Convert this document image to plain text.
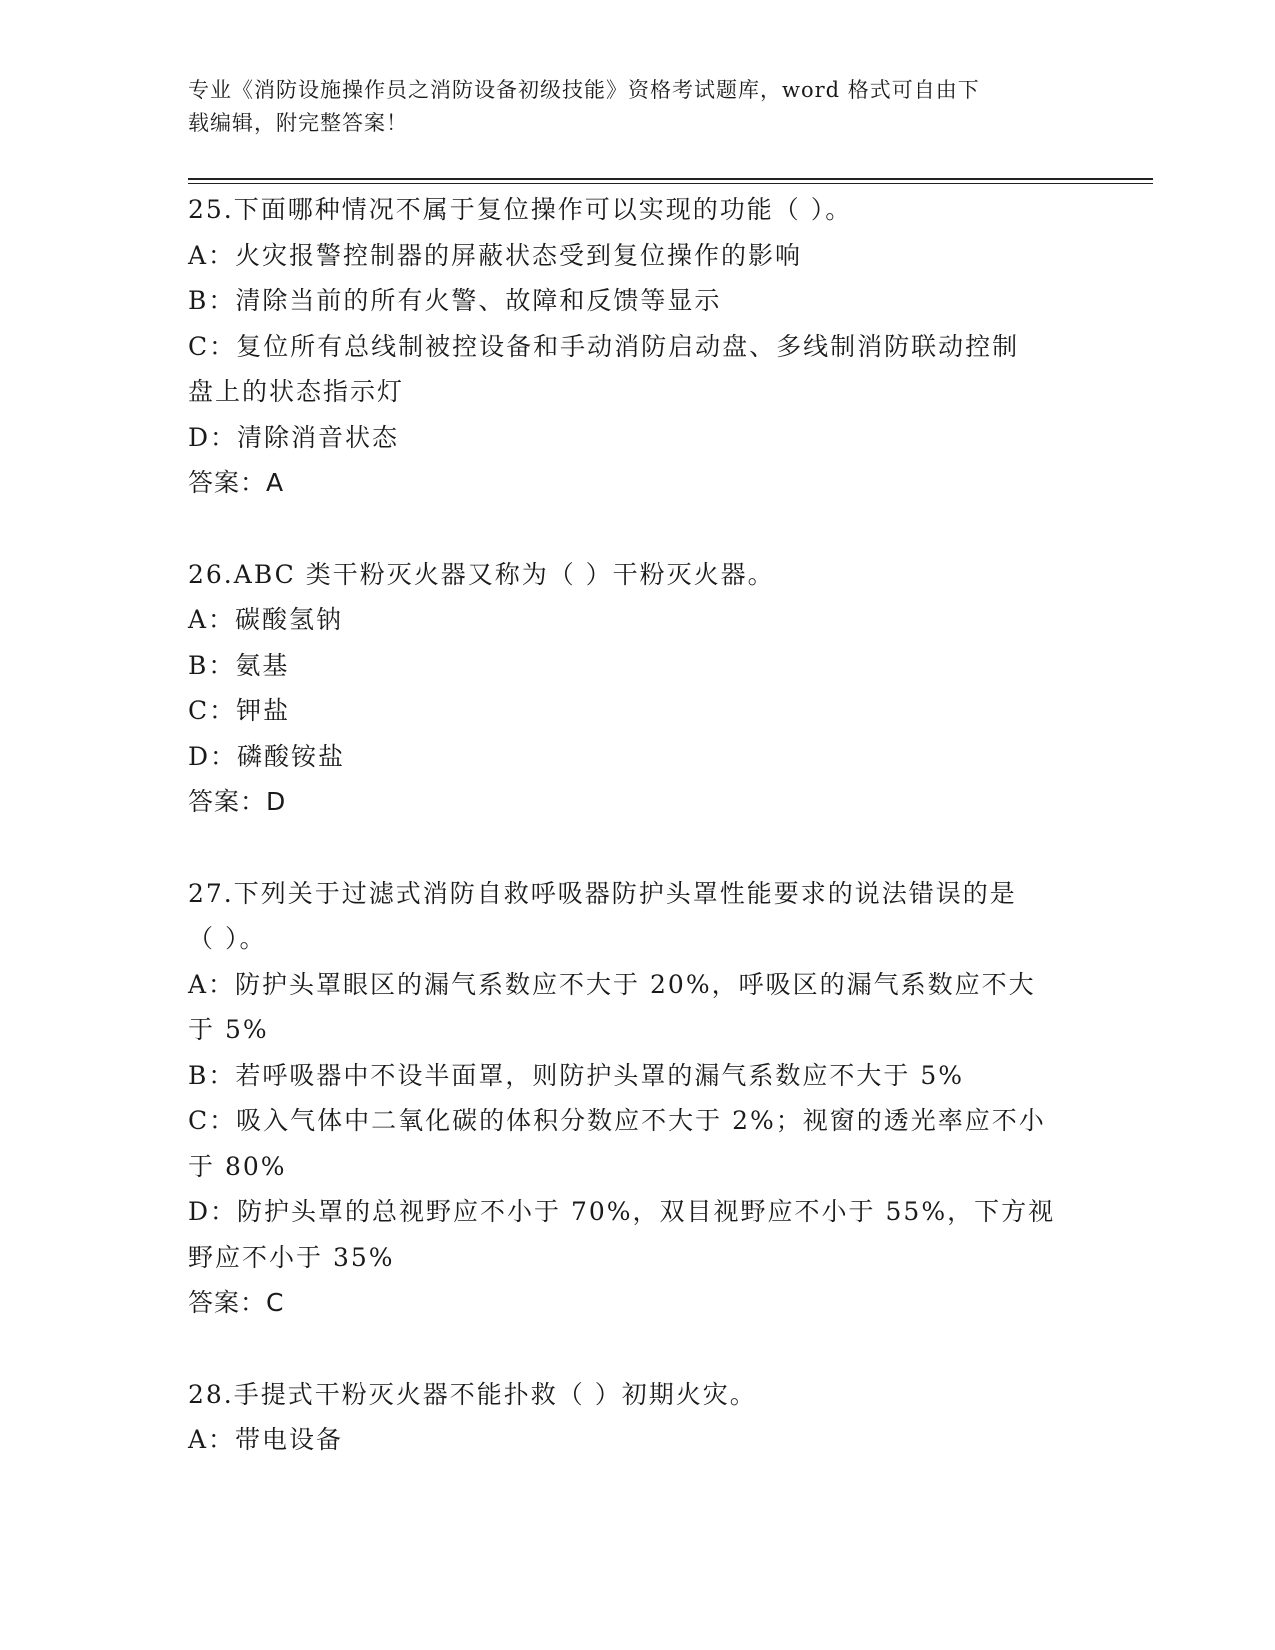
专业《消防设施操作员之消防设备初级技能》资格考试题库，word 格式可自由下
载编辑，附完整答案！
25.下面哪种情况不属于复位操作可以实现的功能（ ）。
A：火灾报警控制器的屏蔽状态受到复位操作的影响
B：清除当前的所有火警、故障和反馈等显示
C：复位所有总线制被控设备和手动消防启动盘、多线制消防联动控制
盘上的状态指示灯
D：清除消音状态
答案：A
26.ABC 类干粉灭火器又称为（ ）干粉灭火器。
A：碳酸氢钠
B：氨基
C：钾盐
D：磷酸铵盐
答案：D
27.下列关于过滤式消防自救呼吸器防护头罩性能要求的说法错误的是
（ ）。
A：防护头罩眼区的漏气系数应不大于 20%，呼吸区的漏气系数应不大
于 5%
B：若呼吸器中不设半面罩，则防护头罩的漏气系数应不大于 5%
C：吸入气体中二氧化碳的体积分数应不大于 2%；视窗的透光率应不小
于 80%
D：防护头罩的总视野应不小于 70%，双目视野应不小于 55%，下方视
野应不小于 35%
答案：C
28.手提式干粉灭火器不能扑救（ ）初期火灾。
A：带电设备
